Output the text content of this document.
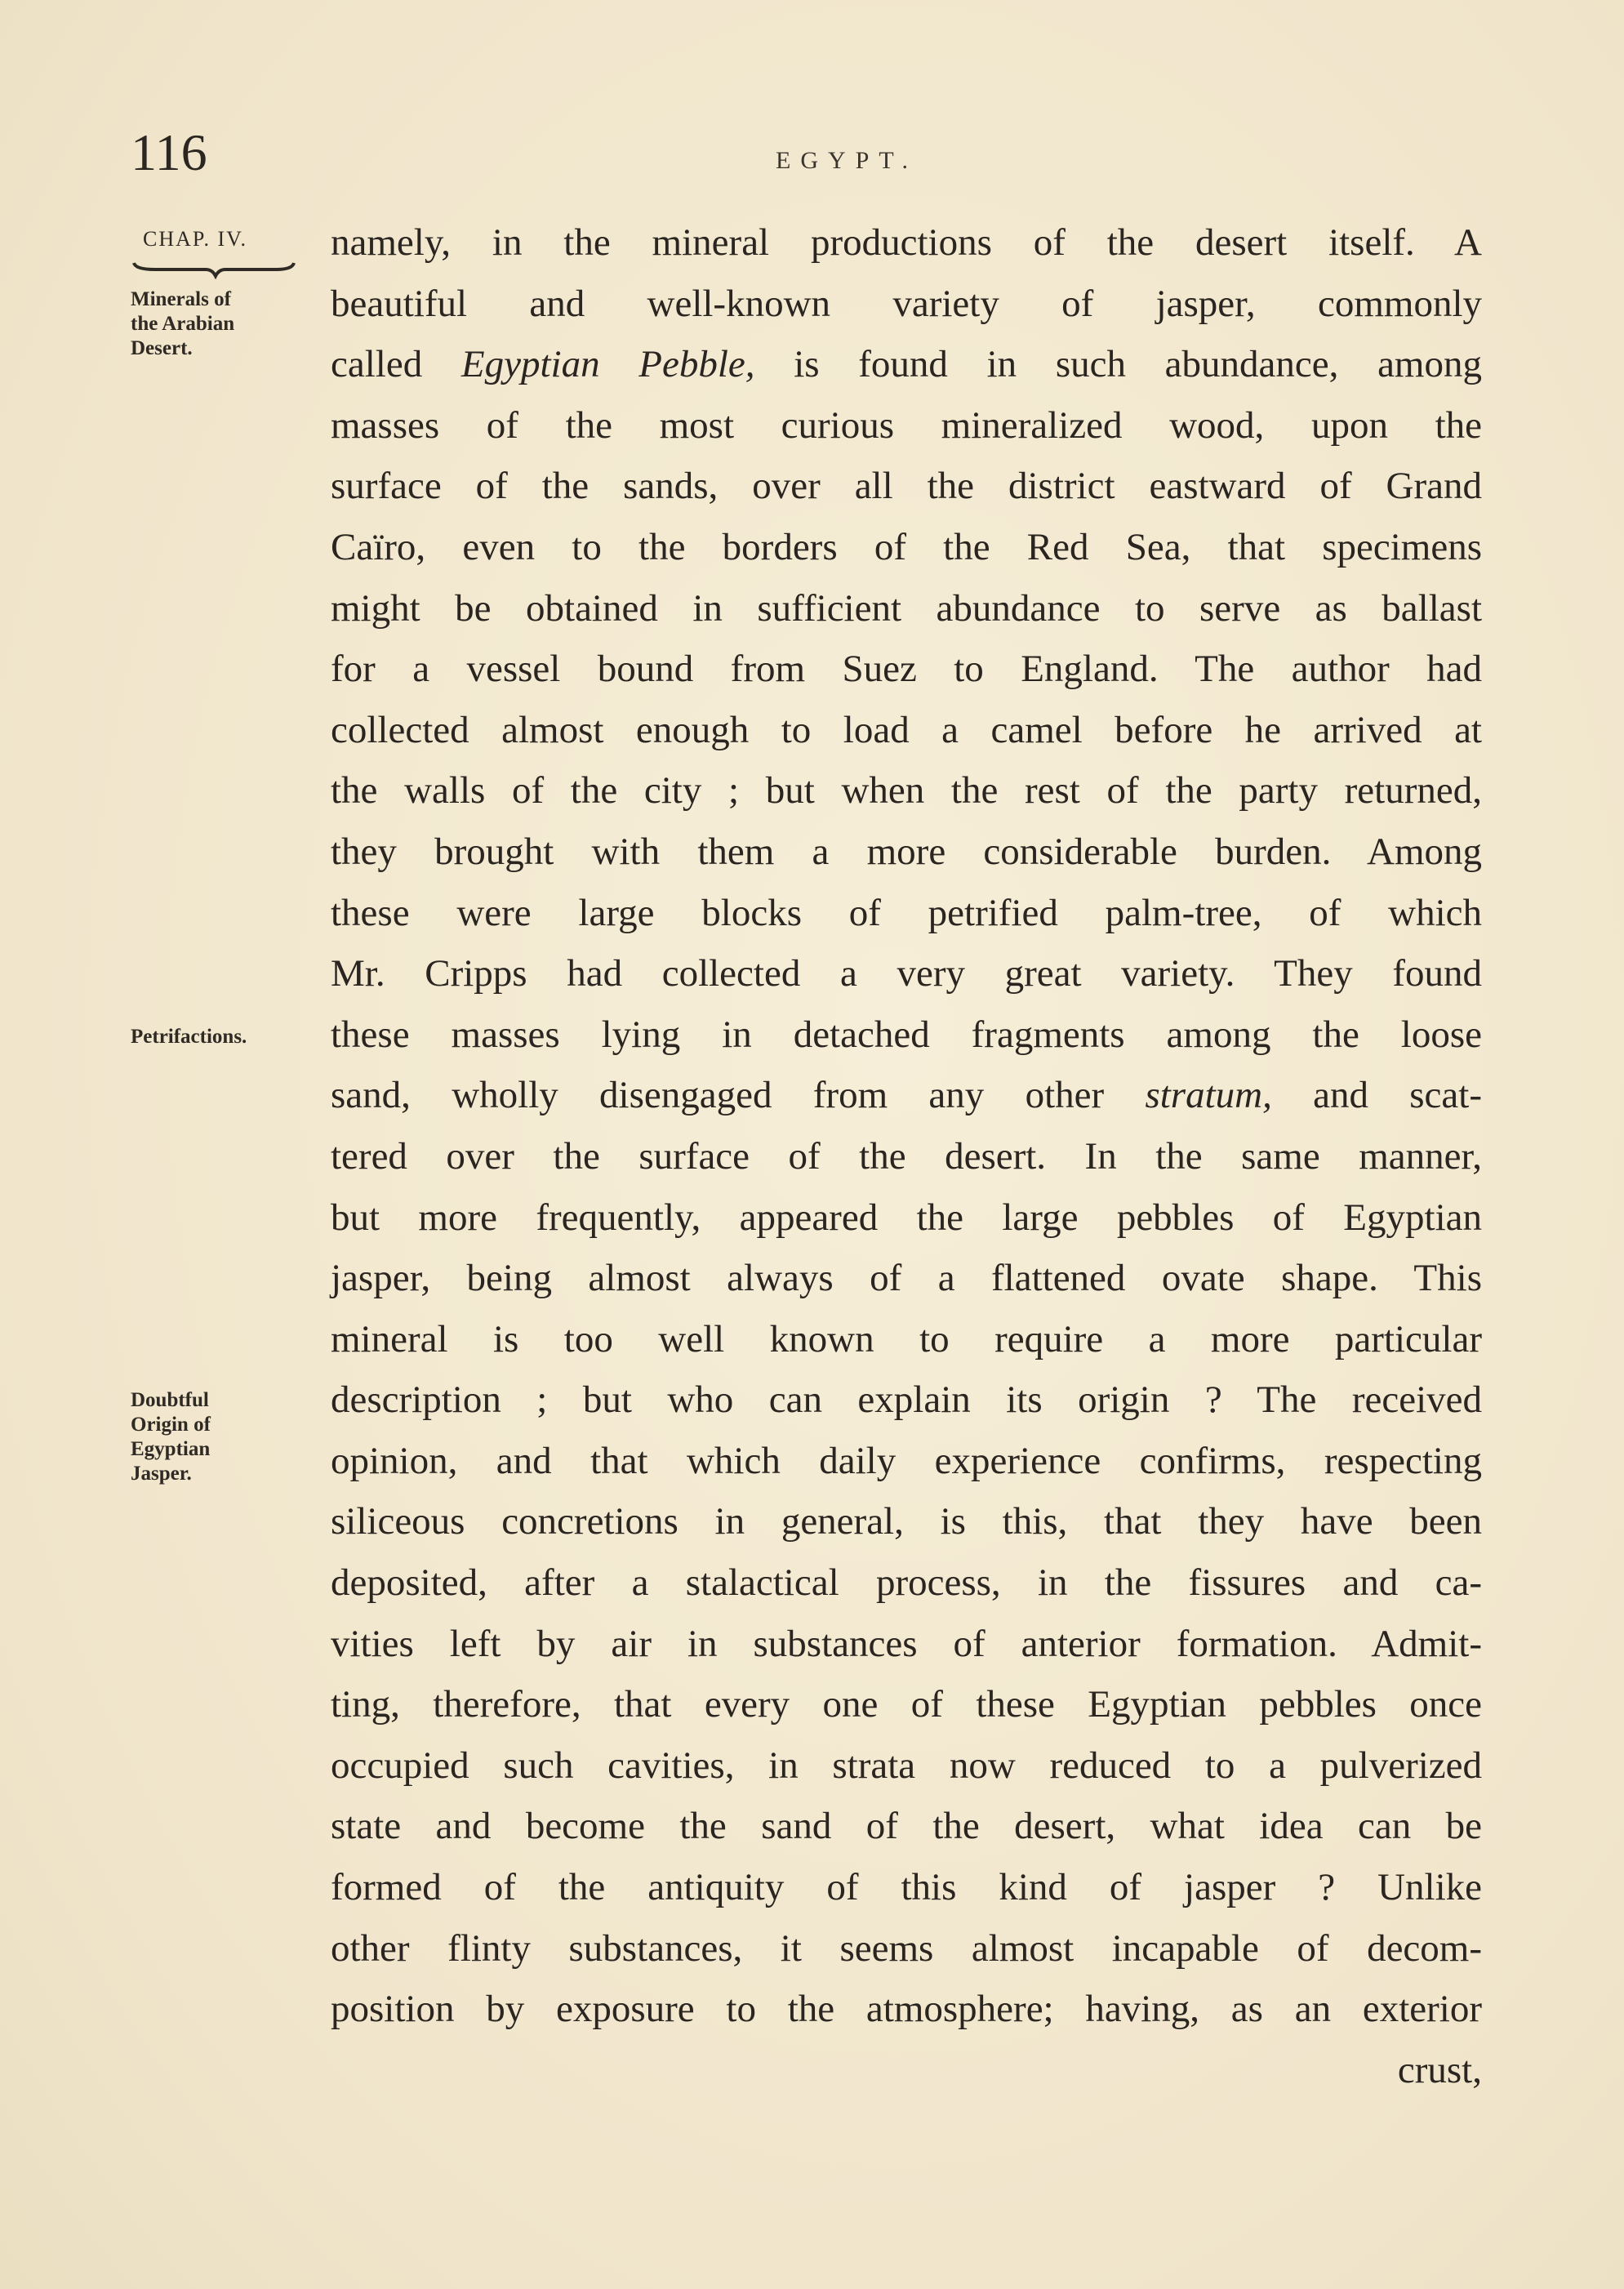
116	EGYPT.
CHAP. IV.
Minerals of
the Arabian
Desert.
Petrifactions.
Doubtful
Origin of
Egyptian
Jasper.
namely, in the mineral productions of the desert itself. A
beautiful and well-known variety of jasper, commonly
called Egyptian Pebble, is found in such abundance, among
masses of the most curious mineralized wood, upon the
surface of the sands, over all the district eastward of Grand
Caïro, even to the borders of the Red Sea, that specimens
might be obtained in sufficient abundance to serve as ballast
for a vessel bound from Suez to England. The author had
collected almost enough to load a camel before he arrived at
the walls of the city ; but when the rest of the party returned,
they brought with them a more considerable burden. Among
these were large blocks of petrified palm-tree, of which
Mr. Cripps had collected a very great variety. They found
these masses lying in detached fragments among the loose
sand, wholly disengaged from any other stratum, and scat-
tered over the surface of the desert. In the same manner,
but more frequently, appeared the large pebbles of Egyptian
jasper, being almost always of a flattened ovate shape. This
mineral is too well known to require a more particular
description ; but who can explain its origin ? The received
opinion, and that which daily experience confirms, respecting
siliceous concretions in general, is this, that they have been
deposited, after a stalactical process, in the fissures and ca-
vities left by air in substances of anterior formation. Admit-
ting, therefore, that every one of these Egyptian pebbles once
occupied such cavities, in strata now reduced to a pulverized
state and become the sand of the desert, what idea can be
formed of the antiquity of this kind of jasper ? Unlike
other flinty substances, it seems almost incapable of decom-
position by exposure to the atmosphere; having, as an exterior
crust,
